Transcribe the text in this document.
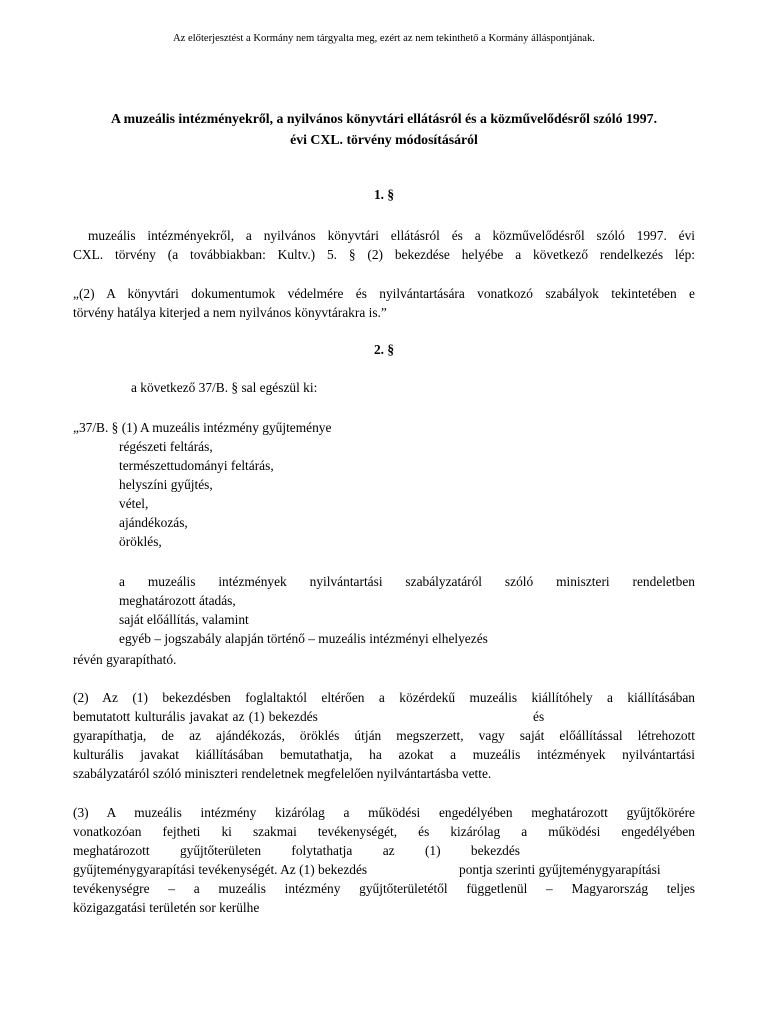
Az előterjesztést a Kormány nem tárgyalta meg, ezért az nem tekinthető a Kormány álláspontjának.
A muzeális intézményekről, a nyilvános könyvtári ellátásról és a közművelődésről szóló 1997.
évi CXL. törvény módosításáról
1. §
muzeális intézményekről, a nyilvános könyvtári ellátásról és a közművelődésről szóló 1997. évi
CXL. törvény (a továbbiakban: Kultv.) 5. § (2) bekezdése helyébe a következő rendelkezés lép:
„(2) A könyvtári dokumentumok védelmére és nyilvántartására vonatkozó szabályok tekintetében e
törvény hatálya kiterjed a nem nyilvános könyvtárakra is.”
2. §
a következő 37/B. § sal egészül ki:
„37/B. § (1) A muzeális intézmény gyűjteménye
régészeti feltárás,
természettudományi feltárás,
helyszíni gyűjtés,
vétel,
ajándékozás,
öröklés,
a muzeális intézmények nyilvántartási szabályzatáról szóló miniszteri rendeletben
meghatározott átadás,
saját előállítás, valamint
egyéb – jogszabály alapján történő – muzeális intézményi elhelyezés
révén gyarapítható.
(2) Az (1) bekezdésben foglaltaktól eltérően a közérdekű muzeális kiállítóhely a kiállításában
bemutatott kulturális javakat az (1) bekezdés	és
gyarapíthatja, de az ajándékozás, öröklés útján megszerzett, vagy saját előállítással létrehozott
kulturális javakat kiállításában bemutathatja, ha azokat a muzeális intézmények nyilvántartási
szabályzatáról szóló miniszteri rendeletnek megfelelően nyilvántartásba vette.
(3) A muzeális intézmény kizárólag a működési engedélyében meghatározott gyűjtőkörére
vonatkozóan fejtheti ki szakmai tevékenységét, és kizárólag a működési engedélyében
meghatározott gyűjtőterületen folytathatja az (1) bekezdés
gyűjteménygyarapítási tevékenységét. Az (1) bekezdés	pontja szerinti gyűjteménygyarapítási
tevékenységre – a muzeális intézmény gyűjtőterületétől függetlenül – Magyarország teljes
közigazgatási területén sor kerülhe
